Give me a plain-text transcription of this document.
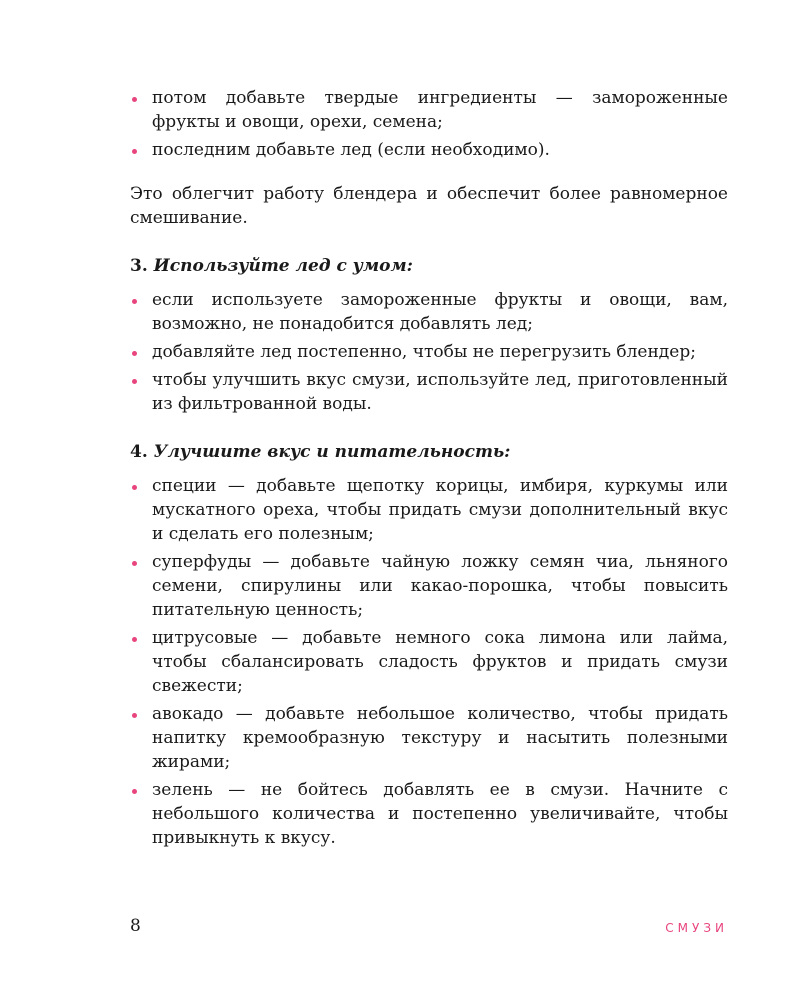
потом добавьте твердые ингредиенты — замороженные фрукты и овощи, орехи, семена;
последним добавьте лед (если необходимо).

Это облегчит работу блендера и обеспечит более равномерное смешивание.

3. Используйте лед с умом:
если используете замороженные фрукты и овощи, вам, возможно, не понадобится добавлять лед;
добавляйте лед постепенно, чтобы не перегрузить блендер;
чтобы улучшить вкус смузи, используйте лед, приготовленный из фильтрованной воды.
4. Улучшите вкус и питательность:
специи — добавьте щепотку корицы, имбиря, куркумы или мускатного ореха, чтобы придать смузи дополнительный вкус и сделать его полезным;
суперфуды — добавьте чайную ложку семян чиа, льняного семени, спирулины или какао-порошка, чтобы повысить питательную ценность;
цитрусовые — добавьте немного сока лимона или лайма, чтобы сбалансировать сладость фруктов и придать смузи свежести;
авокадо — добавьте небольшое количество, чтобы придать напитку кремообразную текстуру и насытить полезными жирами;
зелень — не бойтесь добавлять ее в смузи. Начните с небольшого количества и постепенно увеличивайте, чтобы привыкнуть к вкусу.
8	СМУЗИ
